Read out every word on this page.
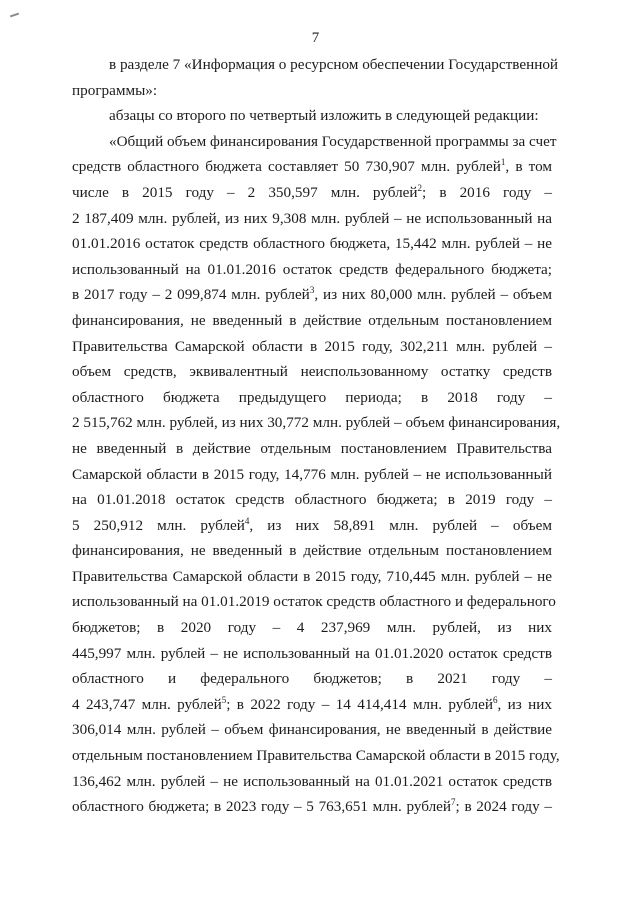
7
в разделе 7 «Информация о ресурсном обеспечении Государственной
программы»:
абзацы со второго по четвертый изложить в следующей редакции:
«Общий объем финансирования Государственной программы за счет
средств областного бюджета составляет 50 730,907 млн. рублей$^1$, в том
числе в 2015 году – 2 350,597 млн. рублей$^2$; в 2016 году –
2 187,409 млн. рублей, из них 9,308 млн. рублей – не использованный на
01.01.2016 остаток средств областного бюджета, 15,442 млн. рублей – не
использованный на 01.01.2016 остаток средств федерального бюджета;
в 2017 году – 2 099,874 млн. рублей$^3$, из них 80,000 млн. рублей – объем
финансирования, не введенный в действие отдельным постановлением
Правительства Самарской области в 2015 году, 302,211 млн. рублей –
объем средств, эквивалентный неиспользованному остатку средств
областного бюджета предыдущего периода; в 2018 году –
2 515,762 млн. рублей, из них 30,772 млн. рублей – объем финансирования,
не введенный в действие отдельным постановлением Правительства
Самарской области в 2015 году, 14,776 млн. рублей – не использованный
на 01.01.2018 остаток средств областного бюджета; в 2019 году –
5 250,912 млн. рублей$^4$, из них 58,891 млн. рублей – объем
финансирования, не введенный в действие отдельным постановлением
Правительства Самарской области в 2015 году, 710,445 млн. рублей – не
использованный на 01.01.2019 остаток средств областного и федерального
бюджетов; в 2020 году – 4 237,969 млн. рублей, из них
445,997 млн. рублей – не использованный на 01.01.2020 остаток средств
областного и федерального бюджетов; в 2021 году –
4 243,747 млн. рублей$^5$; в 2022 году – 14 414,414 млн. рублей$^6$, из них
306,014 млн. рублей – объем финансирования, не введенный в действие
отдельным постановлением Правительства Самарской области в 2015 году,
136,462 млн. рублей – не использованный на 01.01.2021 остаток средств
областного бюджета; в 2023 году – 5 763,651 млн. рублей$^7$; в 2024 году –
